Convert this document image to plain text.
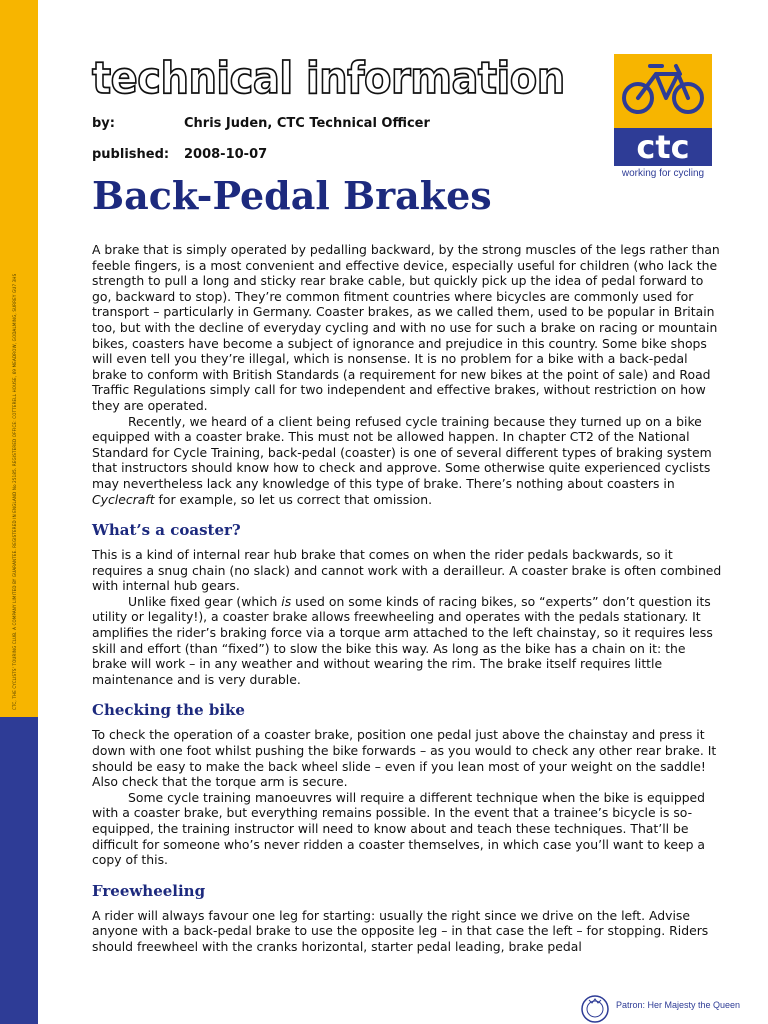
CTC, THE CYCLISTS' TOURING CLUB. A COMPANY LIMITED BY GUARANTEE. REGISTERED IN ENGLAND No 25185. REGISTERED OFFICE: COTTERELL HOUSE, 69 MEADROW, GODALMING, SURREY GU7 3HS
technical information
by:	Chris Juden, CTC Technical Officer
published: 2008-10-07	ctc
working for cycling
Back-Pedal Brakes

A brake that is simply operated by pedalling backward, by the strong muscles of the legs rather than feeble fingers, is a most convenient and effective device, especially useful for children (who lack the strength to pull a long and sticky rear brake cable, but quickly pick up the idea of pedal forward to go, backward to stop). They’re common fitment countries where bicycles are commonly used for transport – particularly in Germany. Coaster brakes, as we called them, used to be popular in Britain too, but with the decline of everyday cycling and with no use for such a brake on racing or mountain bikes, coasters have become a subject of ignorance and prejudice in this country. Some bike shops will even tell you they’re illegal, which is nonsense. It is no problem for a bike with a back-pedal brake to conform with British Standards (a requirement for new bikes at the point of sale) and Road Traffic Regulations simply call for two independent and effective brakes, without restriction on how they are operated.

Recently, we heard of a client being refused cycle training because they turned up on a bike equipped with a coaster brake. This must not be allowed happen. In chapter CT2 of the National Standard for Cycle Training, back-pedal (coaster) is one of several different types of braking system that instructors should know how to check and approve. Some otherwise quite experienced cyclists may nevertheless lack any knowledge of this type of brake. There’s nothing about coasters in Cyclecraft for example, so let us correct that omission.

What’s a coaster?

This is a kind of internal rear hub brake that comes on when the rider pedals backwards, so it requires a snug chain (no slack) and cannot work with a derailleur. A coaster brake is often combined with internal hub gears.

Unlike fixed gear (which is used on some kinds of racing bikes, so “experts” don’t question its utility or legality!), a coaster brake allows freewheeling and operates with the pedals stationary. It amplifies the rider’s braking force via a torque arm attached to the left chainstay, so it requires less skill and effort (than “fixed”) to slow the bike this way. As long as the bike has a chain on it: the brake will work – in any weather and without wearing the rim. The brake itself requires little maintenance and is very durable.

Checking the bike

To check the operation of a coaster brake, position one pedal just above the chainstay and press it down with one foot whilst pushing the bike forwards – as you would to check any other rear brake. It should be easy to make the back wheel slide – even if you lean most of your weight on the saddle! Also check that the torque arm is secure.

Some cycle training manoeuvres will require a different technique when the bike is equipped with a coaster brake, but everything remains possible. In the event that a trainee’s bicycle is so-equipped, the training instructor will need to know about and teach these techniques. That’ll be difficult for someone who’s never ridden a coaster themselves, in which case you’ll want to keep a copy of this.

Freewheeling

A rider will always favour one leg for starting: usually the right since we drive on the left. Advise anyone with a back-pedal brake to use the opposite leg – in that case the left – for stopping. Riders should freewheel with the cranks horizontal, starter pedal leading, brake pedal

Patron: Her Majesty the Queen
